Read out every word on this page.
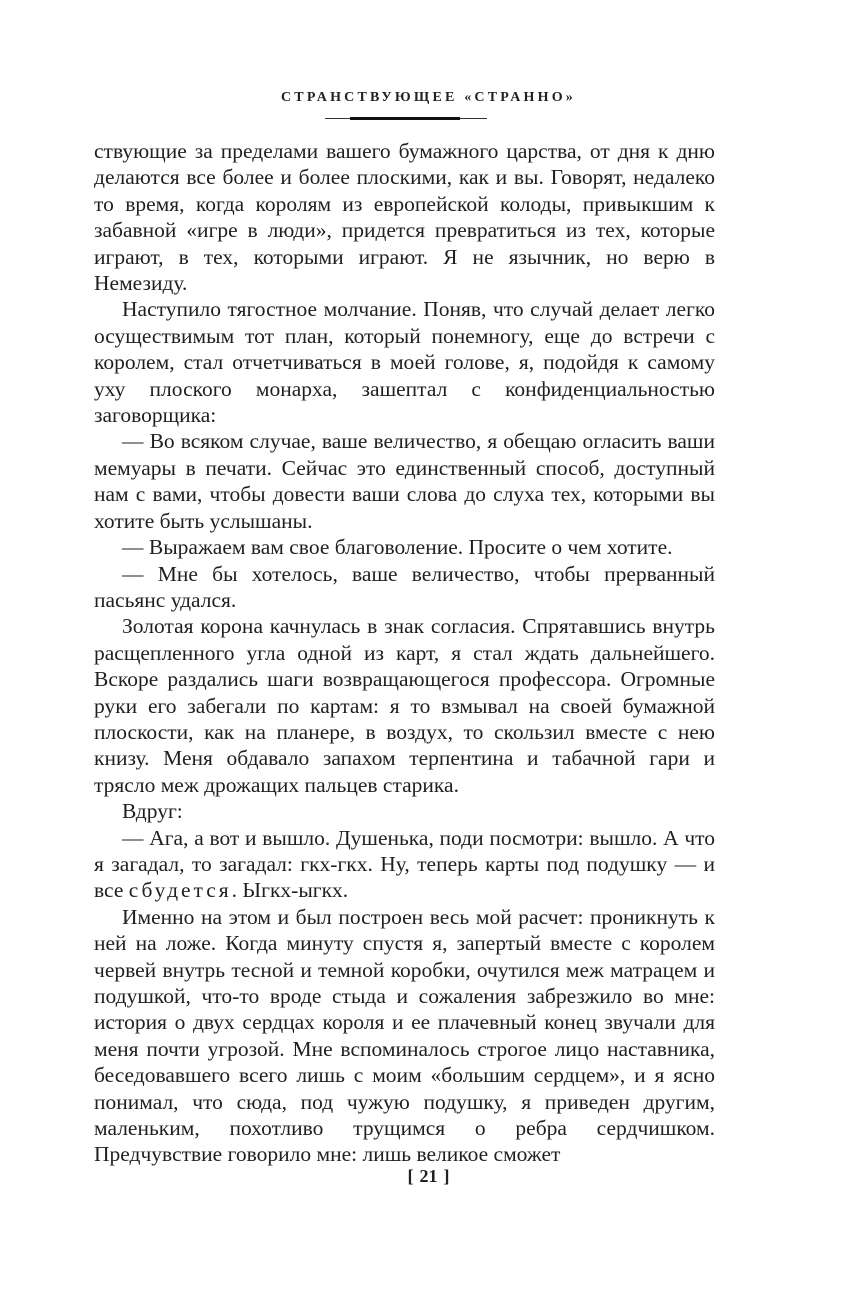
СТРАНСТВУЮЩЕЕ «СТРАННО»

ствующие за пределами вашего бумажного царства, от дня к дню делаются все более и более плоскими, как и вы. Говорят, недалеко то время, когда королям из европейской колоды, привыкшим к забавной «игре в люди», придется превратиться из тех, которые играют, в тех, которыми играют. Я не язычник, но верю в Немезиду.

Наступило тягостное молчание. Поняв, что случай делает легко осуществимым тот план, который понемногу, еще до встречи с королем, стал отчетчиваться в моей голове, я, подойдя к самому уху плоского монарха, зашептал с конфиденциальностью заговорщика:

— Во всяком случае, ваше величество, я обещаю огласить ваши мемуары в печати. Сейчас это единственный способ, доступный нам с вами, чтобы довести ваши слова до слуха тех, которыми вы хотите быть услышаны.

— Выражаем вам свое благоволение. Просите о чем хотите.

— Мне бы хотелось, ваше величество, чтобы прерванный пасьянс удался.

Золотая корона качнулась в знак согласия. Спрятавшись внутрь расщепленного угла одной из карт, я стал ждать дальнейшего. Вскоре раздались шаги возвращающегося профессора. Огромные руки его забегали по картам: я то взмывал на своей бумажной плоскости, как на планере, в воздух, то скользил вместе с нею книзу. Меня обдавало запахом терпентина и табачной гари и трясло меж дрожащих пальцев старика.

Вдруг:

— Ага, а вот и вышло. Душенька, поди посмотри: вышло. А что я загадал, то загадал: гкх-гкх. Ну, теперь карты под подушку — и все сбудется. Ыгкх-ыгкх.

Именно на этом и был построен весь мой расчет: проникнуть к ней на ложе. Когда минуту спустя я, запертый вместе с королем червей внутрь тесной и темной коробки, очутился меж матрацем и подушкой, что-то вроде стыда и сожаления забрезжило во мне: история о двух сердцах короля и ее плачевный конец звучали для меня почти угрозой. Мне вспоминалось строгое лицо наставника, беседовавшего всего лишь с моим «большим сердцем», и я ясно понимал, что сюда, под чужую подушку, я приведен другим, маленьким, похотливо трущимся о ребра сердчишком. Предчувствие говорило мне: лишь великое сможет

[ 21 ]
